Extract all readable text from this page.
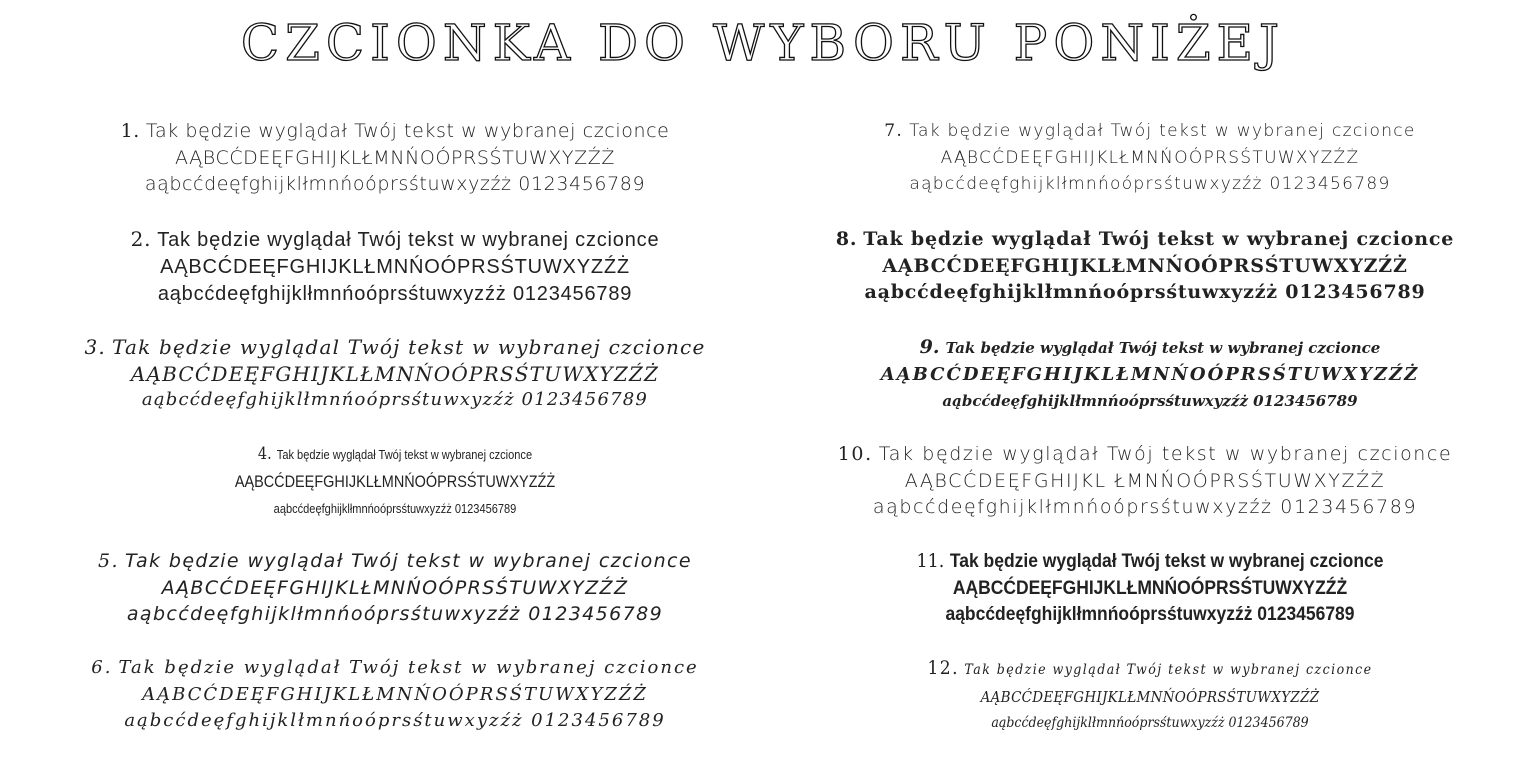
CZCIONKA DO WYBORU PONIŻEJ
1. Tak będzie wyglądał Twój tekst w wybranej czcionce
AĄBCĆDEĘFGHIJKLŁMNŃOÓPRSŚTUWXYZŹŻ
aąbcćdeęfghijklłmnńoóprsśtuwxyzźż 0123456789
2. Tak będzie wyglądał Twój tekst w wybranej czcionce
AĄBCĆDEĘFGHIJKLŁMNŃOÓPRSŚTUWXYZŹŻ
aąbcćdeęfghijklłmnńoóprsśtuwxyzźż 0123456789
3. Tak będzie wyglądal Twój tekst w wybranej czcionce
AĄBCĆDEĘFGHIJKLŁMNŃOÓPRSŚTUWXYZŹŻ
aąbcćdeęfghijklłmnńoóprsśtuwxyzźż 0123456789
4. Tak będzie wyglądał Twój tekst w wybranej czcionce
AĄBCĆDEĘFGHIJKLŁMNŃOÓPRSŚTUWXYZŹŻ
aąbcćdeęfghijklłmnńoóprsśtuwxyzźż 0123456789
5. Tak będzie wyglądał Twój tekst w wybranej czcionce
AĄBCĆDEĘFGHIJKLŁMNŃOÓPRSŚTUWXYZŹŻ
aąbcćdeęfghijklłmnńoóprsśtuwxyzźż 0123456789
6. Tak będzie wyglądał Twój tekst w wybranej czcionce
AĄBCĆDEĘFGHIJKLŁMNŃOÓPRSŚTUWXYZŹŻ
aąbcćdeęfghijklłmnńoóprsśtuwxyzźż 0123456789
7. Tak będzie wyglądał Twój tekst w wybranej czcionce
AĄBCĆDEĘFGHIJKLŁMNŃOÓPRSŚTUWXYZŹŻ
aąbcćdeęfghijklłmnńoóprsśtuwxyzźż 0123456789
8. Tak będzie wyglądał Twój tekst w wybranej czcionce
AĄBCĆDEĘFGHIJKLŁMNŃOÓPRSŚTUWXYZŹŻ
aąbcćdeęfghijklłmnńoóprsśtuwxyzźż 0123456789
9. Tak będzie wyglądał Twój tekst w wybranej czcionce
AĄBCĆDEĘFGHIJKLŁMNŃOÓPRSŚTUWXYZŹŻ
aąbcćdeęfghijklłmnńoóprsśtuwxyzźż 0123456789
10. Tak będzie wyglądał Twój tekst w wybranej czcionce
AĄBCĆDEĘFGHIJKL ŁMNŃOÓPRSŚTUWXYZŹŻ
aąbcćdeęfghijklłmnńoóprsśtuwxyzźż 0123456789
11. Tak będzie wyglądał Twój tekst w wybranej czcionce
AĄBCĆDEĘFGHIJKLŁMNŃOÓPRSŚTUWXYZŹŻ
aąbcćdeęfghijklłmnńoóprsśtuwxyzźż 0123456789
12. Tak będzie wyglądał Twój tekst w wybranej czcionce
AĄBCĆDEĘFGHIJKLŁMNŃOÓPRSŚTUWXYZŹŻ
aąbcćdeęfghijklłmnńoóprsśtuwxyzźż 0123456789
